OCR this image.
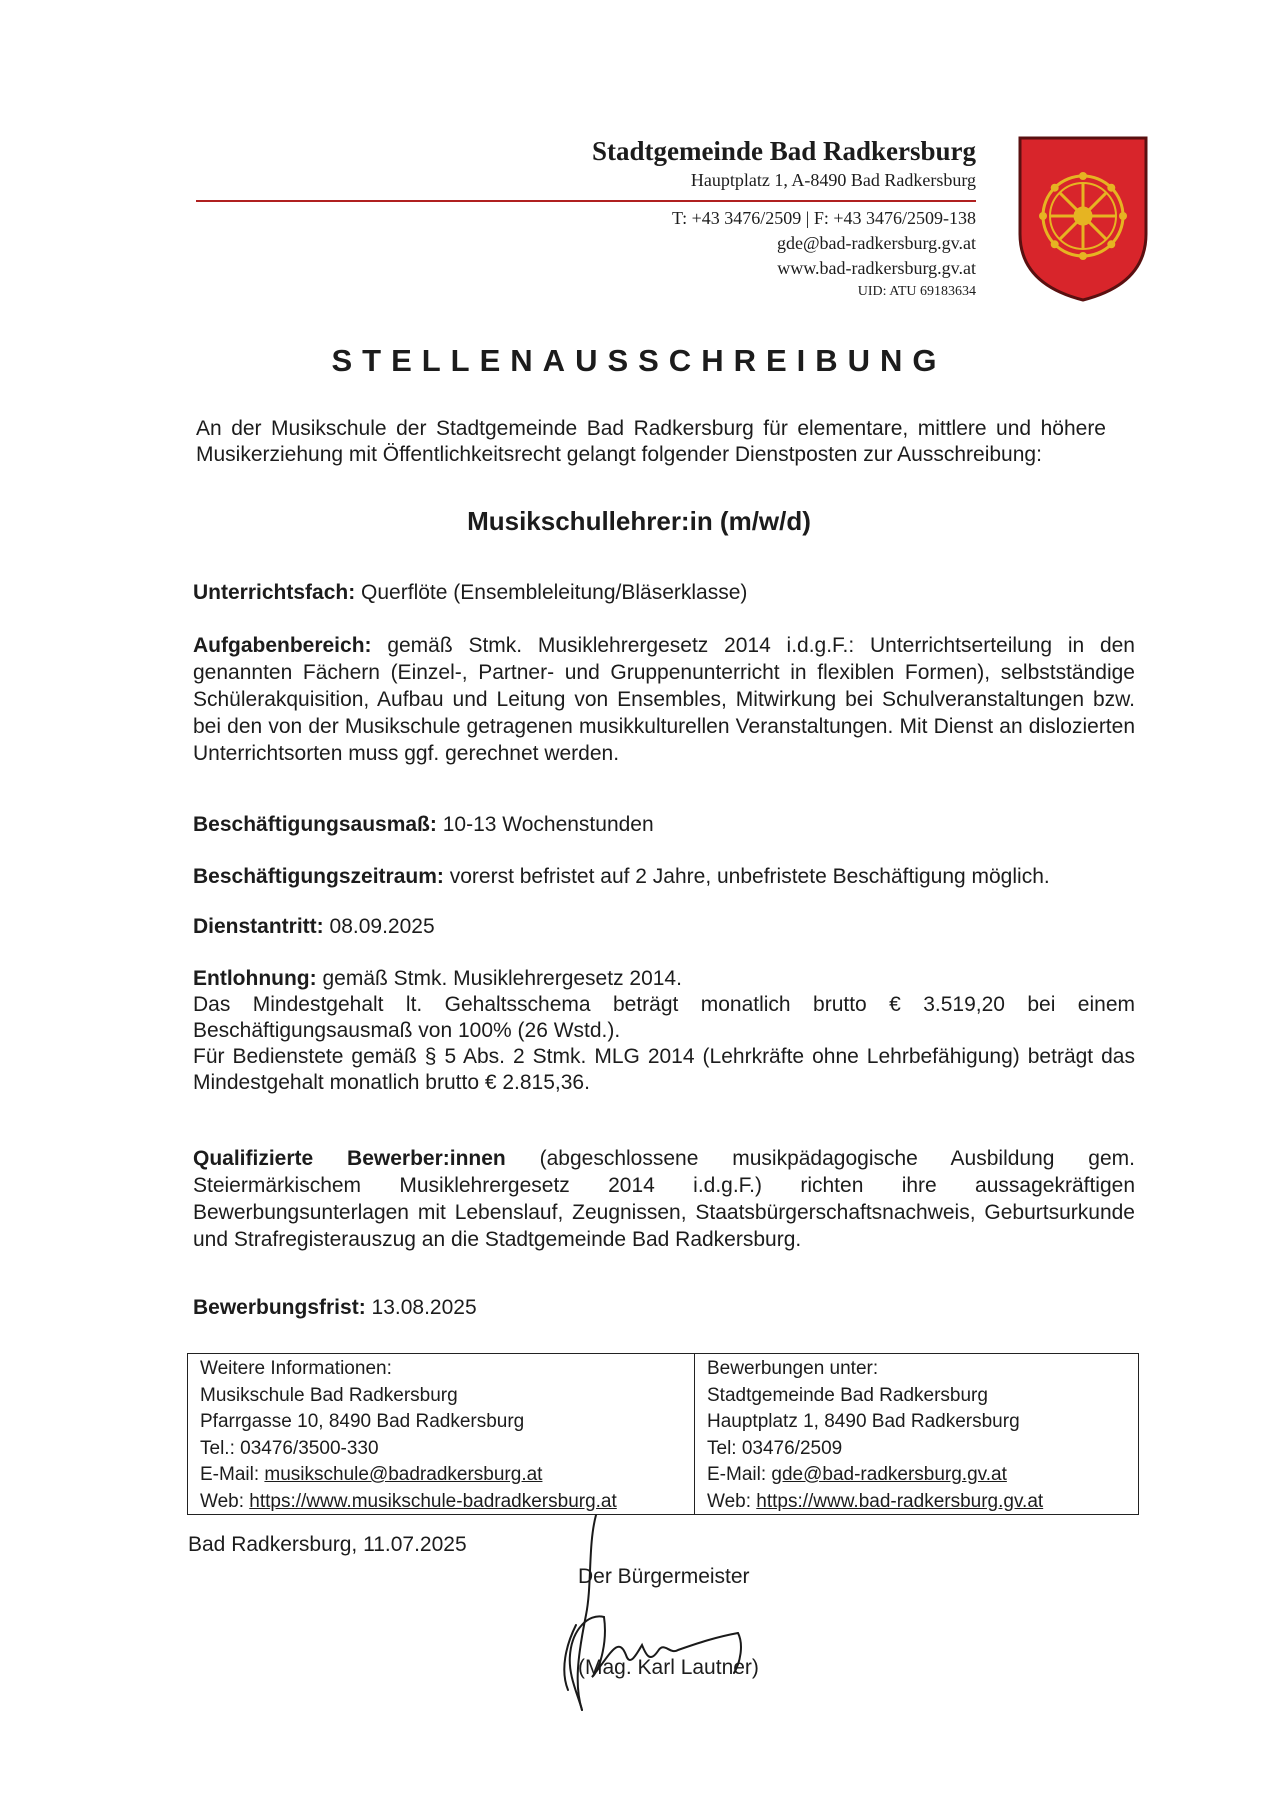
Stadtgemeinde Bad Radkersburg
Hauptplatz 1, A-8490 Bad Radkersburg
T: +43 3476/2509 | F: +43 3476/2509-138
gde@bad-radkersburg.gv.at
www.bad-radkersburg.gv.at
UID: ATU 69183634
STELLENAUSSCHREIBUNG
An der Musikschule der Stadtgemeinde Bad Radkersburg für elementare, mittlere und höhere Musikerziehung mit Öffentlichkeitsrecht gelangt folgender Dienstposten zur Ausschreibung:
Musikschullehrer:in (m/w/d)
Unterrichtsfach: Querflöte (Ensembleleitung/Bläserklasse)
Aufgabenbereich: gemäß Stmk. Musiklehrergesetz 2014 i.d.g.F.: Unterrichtserteilung in den genannten Fächern (Einzel-, Partner- und Gruppenunterricht in flexiblen Formen), selbstständige Schülerakquisition, Aufbau und Leitung von Ensembles, Mitwirkung bei Schulveranstaltungen bzw. bei den von der Musikschule getragenen musikkulturellen Veranstaltungen. Mit Dienst an dislozierten Unterrichtsorten muss ggf. gerechnet werden.
Beschäftigungsausmaß: 10-13 Wochenstunden
Beschäftigungszeitraum: vorerst befristet auf 2 Jahre, unbefristete Beschäftigung möglich.
Dienstantritt: 08.09.2025
Entlohnung: gemäß Stmk. Musiklehrergesetz 2014.
Das Mindestgehalt lt. Gehaltsschema beträgt monatlich brutto € 3.519,20 bei einem Beschäftigungsausmaß von 100% (26 Wstd.).
Für Bedienstete gemäß § 5 Abs. 2 Stmk. MLG 2014 (Lehrkräfte ohne Lehrbefähigung) beträgt das Mindestgehalt monatlich brutto € 2.815,36.
Qualifizierte Bewerber:innen (abgeschlossene musikpädagogische Ausbildung gem. Steiermärkischem Musiklehrergesetz 2014 i.d.g.F.) richten ihre aussagekräftigen Bewerbungsunterlagen mit Lebenslauf, Zeugnissen, Staatsbürgerschaftsnachweis, Geburtsurkunde und Strafregisterauszug an die Stadtgemeinde Bad Radkersburg.
Bewerbungsfrist: 13.08.2025
Weitere Informationen:
Musikschule Bad Radkersburg
Pfarrgasse 10, 8490 Bad Radkersburg
Tel.: 03476/3500-330
E-Mail: musikschule@badradkersburg.at
Web: https://www.musikschule-badradkersburg.at
Bewerbungen unter:
Stadtgemeinde Bad Radkersburg
Hauptplatz 1, 8490 Bad Radkersburg
Tel: 03476/2509
E-Mail: gde@bad-radkersburg.gv.at
Web: https://www.bad-radkersburg.gv.at
Bad Radkersburg, 11.07.2025
Der Bürgermeister
(Mag. Karl Lautner)
